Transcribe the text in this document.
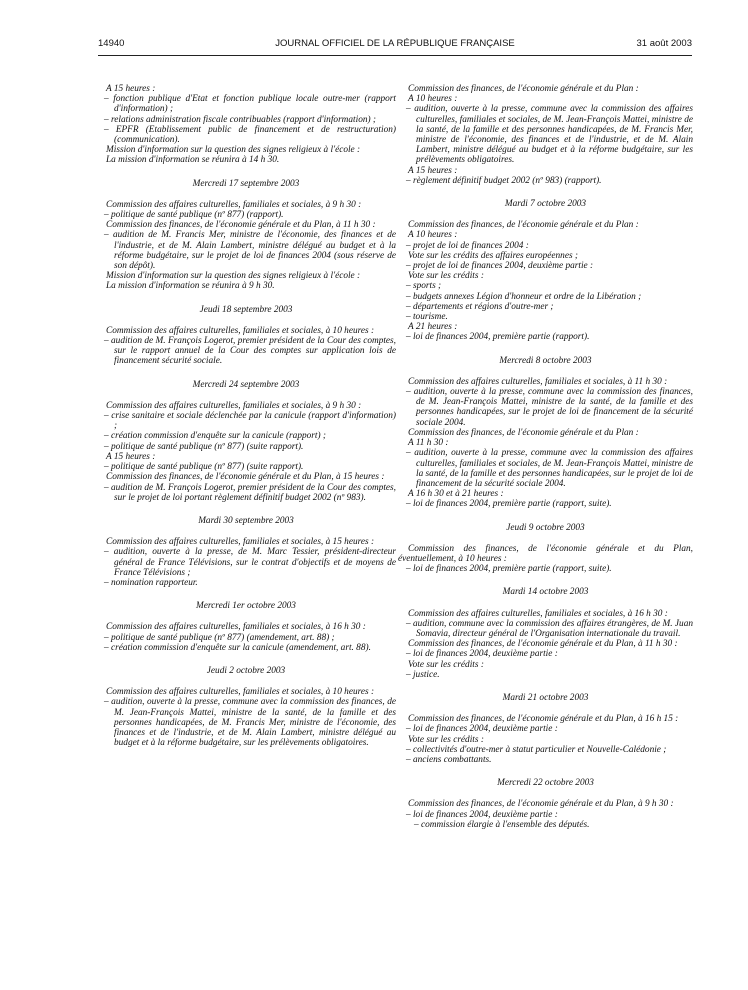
14940	JOURNAL OFFICIEL DE LA RÉPUBLIQUE FRANÇAISE	31 août 2003
A 15 heures :
– fonction publique d'Etat et fonction publique locale outre-mer (rapport d'information) ;
– relations administration fiscale contribuables (rapport d'information) ;
– EPFR (Etablissement public de financement et de restructuration) (communication).
Mission d'information sur la question des signes religieux à l'école :
La mission d'information se réunira à 14 h 30.
Mercredi 17 septembre 2003
Commission des affaires culturelles, familiales et sociales, à 9 h 30 :
– politique de santé publique (nº 877) (rapport).
Commission des finances, de l'économie générale et du Plan, à 11 h 30 :
– audition de M. Francis Mer, ministre de l'économie, des finances et de l'industrie, et de M. Alain Lambert, ministre délégué au budget et à la réforme budgétaire, sur le projet de loi de finances 2004 (sous réserve de son dépôt).
Mission d'information sur la question des signes religieux à l'école :
La mission d'information se réunira à 9 h 30.
Jeudi 18 septembre 2003
Commission des affaires culturelles, familiales et sociales, à 10 heures :
– audition de M. François Logerot, premier président de la Cour des comptes, sur le rapport annuel de la Cour des comptes sur application lois de financement sécurité sociale.
Mercredi 24 septembre 2003
Commission des affaires culturelles, familiales et sociales, à 9 h 30 :
– crise sanitaire et sociale déclenchée par la canicule (rapport d'information) ;
– création commission d'enquête sur la canicule (rapport) ;
– politique de santé publique (nº 877) (suite rapport).
A 15 heures :
– politique de santé publique (nº 877) (suite rapport).
Commission des finances, de l'économie générale et du Plan, à 15 heures :
– audition de M. François Logerot, premier président de la Cour des comptes, sur le projet de loi portant règlement définitif budget 2002 (nº 983).
Mardi 30 septembre 2003
Commission des affaires culturelles, familiales et sociales, à 15 heures :
– audition, ouverte à la presse, de M. Marc Tessier, président-directeur général de France Télévisions, sur le contrat d'objectifs et de moyens de France Télévisions ;
– nomination rapporteur.
Mercredi 1er octobre 2003
Commission des affaires culturelles, familiales et sociales, à 16 h 30 :
– politique de santé publique (nº 877) (amendement, art. 88) ;
– création commission d'enquête sur la canicule (amendement, art. 88).
Jeudi 2 octobre 2003
Commission des affaires culturelles, familiales et sociales, à 10 heures :
– audition, ouverte à la presse, commune avec la commission des finances, de M. Jean-François Mattei, ministre de la santé, de la famille et des personnes handicapées, de M. Francis Mer, ministre de l'économie, des finances et de l'industrie, et de M. Alain Lambert, ministre délégué au budget et à la réforme budgétaire, sur les prélèvements obligatoires.
Commission des finances, de l'économie générale et du Plan :
A 10 heures :
– audition, ouverte à la presse, commune avec la commission des affaires culturelles, familiales et sociales, de M. Jean-François Mattei, ministre de la santé, de la famille et des personnes handicapées, de M. Francis Mer, ministre de l'économie, des finances et de l'industrie, et de M. Alain Lambert, ministre délégué au budget et à la réforme budgétaire, sur les prélèvements obligatoires.
A 15 heures :
– règlement définitif budget 2002 (nº 983) (rapport).
Mardi 7 octobre 2003
Commission des finances, de l'économie générale et du Plan :
A 10 heures :
– projet de loi de finances 2004 :
Vote sur les crédits des affaires européennes ;
– projet de loi de finances 2004, deuxième partie :
Vote sur les crédits :
– sports ;
– budgets annexes Légion d'honneur et ordre de la Libération ;
– départements et régions d'outre-mer ;
– tourisme.
A 21 heures :
– loi de finances 2004, première partie (rapport).
Mercredi 8 octobre 2003
Commission des affaires culturelles, familiales et sociales, à 11 h 30 :
– audition, ouverte à la presse, commune avec la commission des finances, de M. Jean-François Mattei, ministre de la santé, de la famille et des personnes handicapées, sur le projet de loi de financement de la sécurité sociale 2004.
Commission des finances, de l'économie générale et du Plan :
A 11 h 30 :
– audition, ouverte à la presse, commune avec la commission des affaires culturelles, familiales et sociales, de M. Jean-François Mattei, ministre de la santé, de la famille et des personnes handicapées, sur le projet de loi de financement de la sécurité sociale 2004.
A 16 h 30 et à 21 heures :
– loi de finances 2004, première partie (rapport, suite).
Jeudi 9 octobre 2003
Commission des finances, de l'économie générale et du Plan, éventuellement, à 10 heures :
– loi de finances 2004, première partie (rapport, suite).
Mardi 14 octobre 2003
Commission des affaires culturelles, familiales et sociales, à 16 h 30 :
– audition, commune avec la commission des affaires étrangères, de M. Juan Somavia, directeur général de l'Organisation internationale du travail.
Commission des finances, de l'économie générale et du Plan, à 11 h 30 :
– loi de finances 2004, deuxième partie :
Vote sur les crédits :
– justice.
Mardi 21 octobre 2003
Commission des finances, de l'économie générale et du Plan, à 16 h 15 :
– loi de finances 2004, deuxième partie :
Vote sur les crédits :
– collectivités d'outre-mer à statut particulier et Nouvelle-Calédonie ;
– anciens combattants.
Mercredi 22 octobre 2003
Commission des finances, de l'économie générale et du Plan, à 9 h 30 :
– loi de finances 2004, deuxième partie :
– commission élargie à l'ensemble des députés.
